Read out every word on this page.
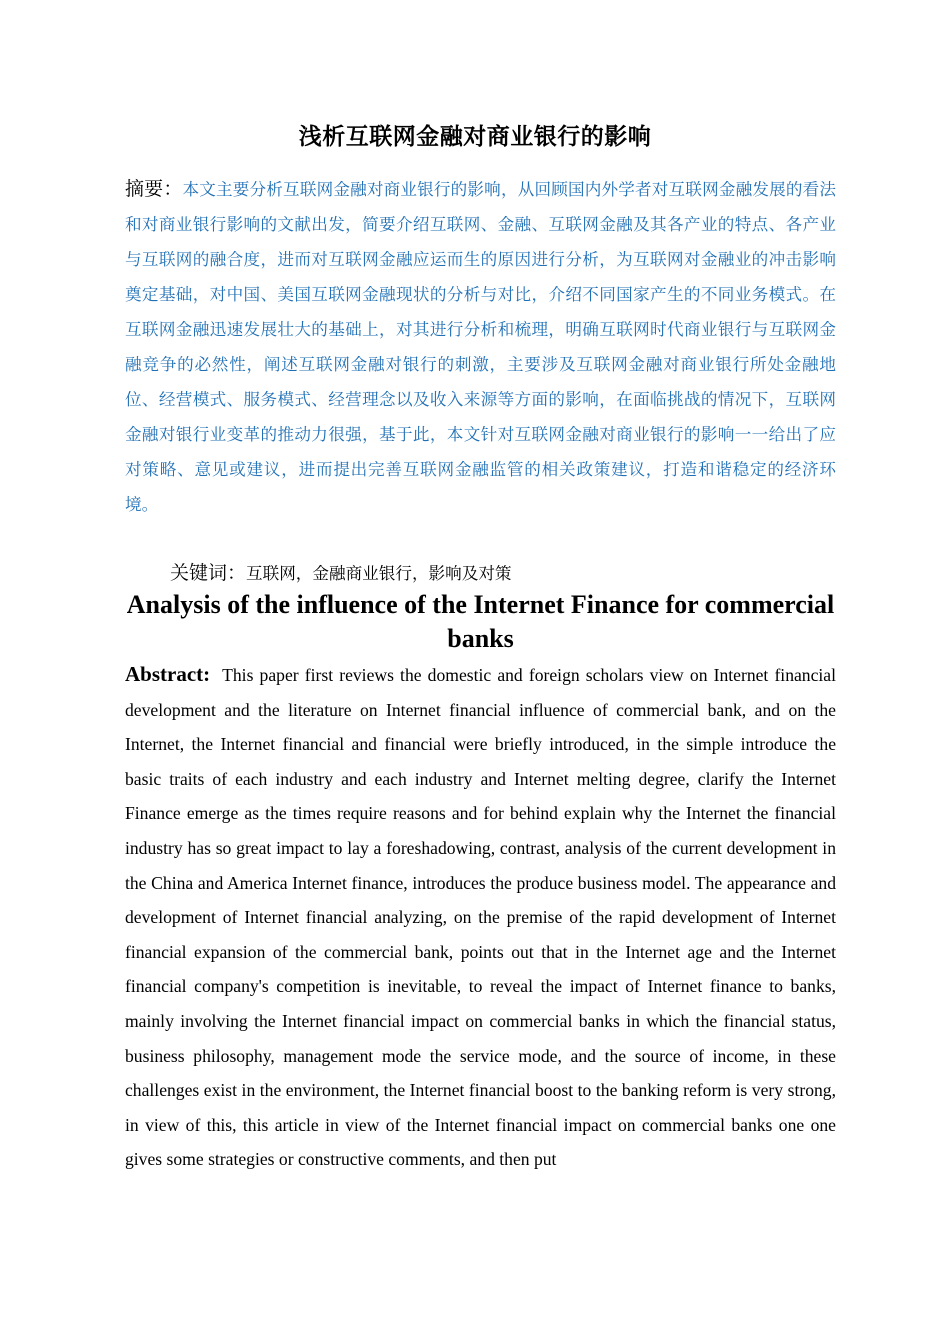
浅析互联网金融对商业银行的影响

摘要：本文主要分析互联网金融对商业银行的影响，从回顾国内外学者对互联网金融发展的看法和对商业银行影响的文献出发，简要介绍互联网、金融、互联网金融及其各产业的特点、各产业与互联网的融合度，进而对互联网金融应运而生的原因进行分析，为互联网对金融业的冲击影响奠定基础，对中国、美国互联网金融现状的分析与对比，介绍不同国家产生的不同业务模式。在互联网金融迅速发展壮大的基础上，对其进行分析和梳理，明确互联网时代商业银行与互联网金融竞争的必然性，阐述互联网金融对银行的刺激，主要涉及互联网金融对商业银行所处金融地位、经营模式、服务模式、经营理念以及收入来源等方面的影响，在面临挑战的情况下，互联网金融对银行业变革的推动力很强，基于此，本文针对互联网金融对商业银行的影响一一给出了应对策略、意见或建议，进而提出完善互联网金融监管的相关政策建议，打造和谐稳定的经济环境。

关键词：互联网，金融商业银行，影响及对策

Analysis of the influence of the Internet Finance for commercial banks

Abstract: This paper first reviews the domestic and foreign scholars view on Internet financial development and the literature on Internet financial influence of commercial bank, and on the Internet, the Internet financial and financial were briefly introduced, in the simple introduce the basic traits of each industry and each industry and Internet melting degree, clarify the Internet Finance emerge as the times require reasons and for behind explain why the Internet the financial industry has so great impact to lay a foreshadowing, contrast, analysis of the current development in the China and America Internet finance, introduces the produce business model. The appearance and development of Internet financial analyzing, on the premise of the rapid development of Internet financial expansion of the commercial bank, points out that in the Internet age and the Internet financial company's competition is inevitable, to reveal the impact of Internet finance to banks, mainly involving the Internet financial impact on commercial banks in which the financial status, business philosophy, management mode the service mode, and the source of income, in these challenges exist in the environment, the Internet financial boost to the banking reform is very strong, in view of this, this article in view of the Internet financial impact on commercial banks one one gives some strategies or constructive comments, and then put
